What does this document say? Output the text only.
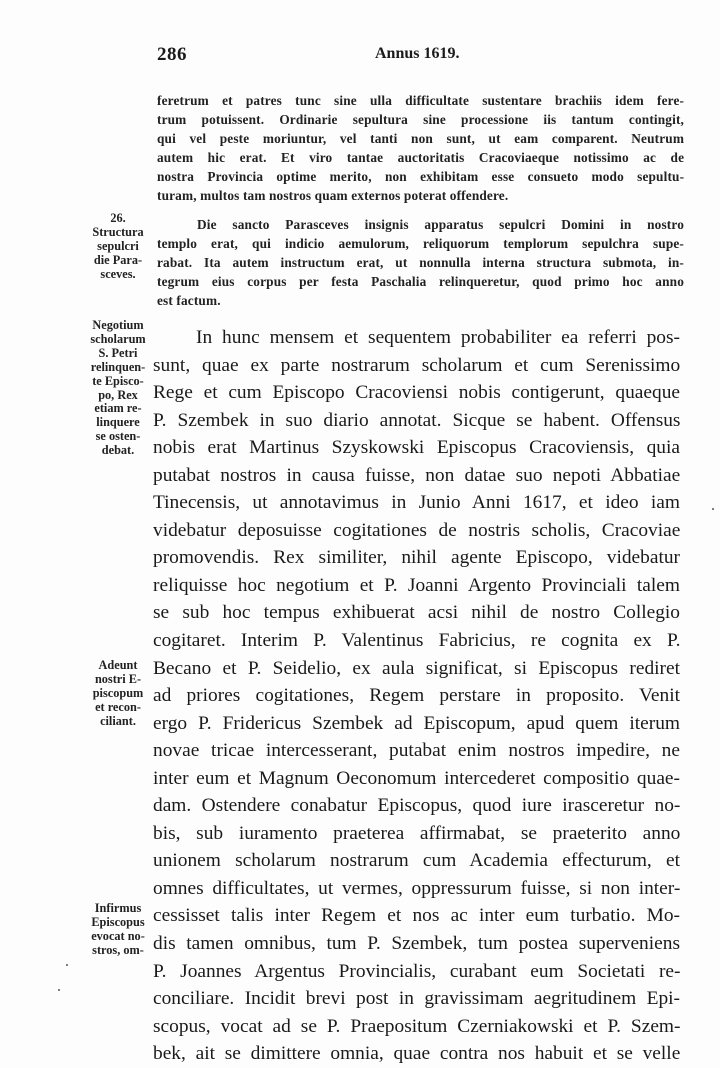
286	Annus 1619.
feretrum et patres tunc sine ulla difficultate sustentare brachiis idem fere-
trum potuissent. Ordinarie sepultura sine processione iis tantum contingit,
qui vel peste moriuntur, vel tanti non sunt, ut eam comparent. Neutrum
autem hic erat. Et viro tantae auctoritatis Cracoviaeque notissimo ac de
nostra Provincia optime merito, non exhibitam esse consueto modo sepultu-
turam, multos tam nostros quam externos poterat offendere.
26.
Structura
sepulcri
die Para-
sceves.
Die sancto Parasceves insignis apparatus sepulcri Domini in nostro
templo erat, qui indicio aemulorum, reliquorum templorum sepulchra supe-
rabat. Ita autem instructum erat, ut nonnulla interna structura submota, in-
tegrum eius corpus per festa Paschalia relinqueretur, quod primo hoc anno
est factum.
Negotium
scholarum
S. Petri
relinquen-
te Episco-
po, Rex
etiam re-
linquere
se osten-
debat.
Adeunt
nostri E-
piscopum
et recon-
ciliant.
Infirmus
Episcopus
evocat no-
stros, om-
In hunc mensem et sequentem probabiliter ea referri pos-
sunt, quae ex parte nostrarum scholarum et cum Serenissimo
Rege et cum Episcopo Cracoviensi nobis contigerunt, quaeque
P. Szembek in suo diario annotat. Sicque se habent. Offensus
nobis erat Martinus Szyskowski Episcopus Cracoviensis, quia
putabat nostros in causa fuisse, non datae suo nepoti Abbatiae
Tinecensis, ut annotavimus in Junio Anni 1617, et ideo iam
videbatur deposuisse cogitationes de nostris scholis, Cracoviae
promovendis. Rex similiter, nihil agente Episcopo, videbatur
reliquisse hoc negotium et P. Joanni Argento Provinciali talem
se sub hoc tempus exhibuerat acsi nihil de nostro Collegio
cogitaret. Interim P. Valentinus Fabricius, re cognita ex P.
Becano et P. Seidelio, ex aula significat, si Episcopus rediret
ad priores cogitationes, Regem perstare in proposito. Venit
ergo P. Fridericus Szembek ad Episcopum, apud quem iterum
novae tricae intercesserant, putabat enim nostros impedire, ne
inter eum et Magnum Oeconomum intercederet compositio quae-
dam. Ostendere conabatur Episcopus, quod iure irasceretur no-
bis, sub iuramento praeterea affirmabat, se praeterito anno
unionem scholarum nostrarum cum Academia effecturum, et
omnes difficultates, ut vermes, oppressurum fuisse, si non inter-
cessisset talis inter Regem et nos ac inter eum turbatio. Mo-
dis tamen omnibus, tum P. Szembek, tum postea superveniens
P. Joannes Argentus Provincialis, curabant eum Societati re-
conciliare. Incidit brevi post in gravissimam aegritudinem Epi-
scopus, vocat ad se P. Praepositum Czerniakowski et P. Szem-
bek, ait se dimittere omnia, quae contra nos habuit et se velle
